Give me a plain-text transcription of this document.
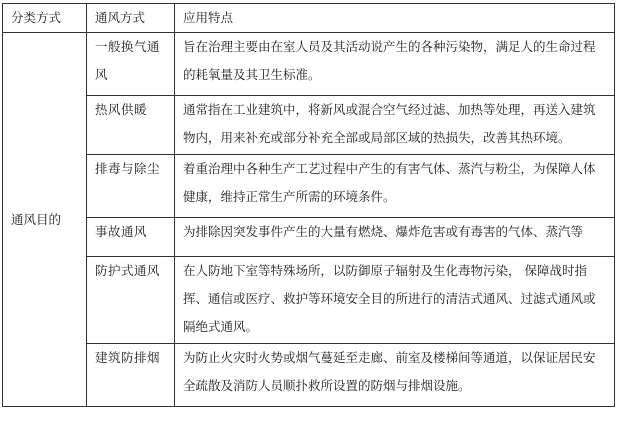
分类方式	通风方式	应用特点
通风目的	一般换气通风	旨在治理主要由在室人员及其活动说产生的各种污染物，满足人的生命过程的耗氧量及其卫生标准。
	热风供暖	通常指在工业建筑中，将新风或混合空气经过滤、加热等处理，再送入建筑物内，用来补充或部分补充全部或局部区域的热损失，改善其热环境。
	排毒与除尘	着重治理中各种生产工艺过程中产生的有害气体、蒸汽与粉尘，为保障人体健康，维持正常生产所需的环境条件。
	事故通风	为排除因突发事件产生的大量有燃烧、爆炸危害或有毒害的气体、蒸汽等
	防护式通风	在人防地下室等特殊场所，以防御原子辐射及生化毒物污染， 保障战时指挥、通信或医疗、救护等环境安全目的所进行的清洁式通风、过滤式通风或隔绝式通风。
	建筑防排烟	为防止火灾时火势或烟气蔓延至走廊、前室及楼梯间等通道，以保证居民安全疏散及消防人员顺扑救所设置的防烟与排烟设施。
